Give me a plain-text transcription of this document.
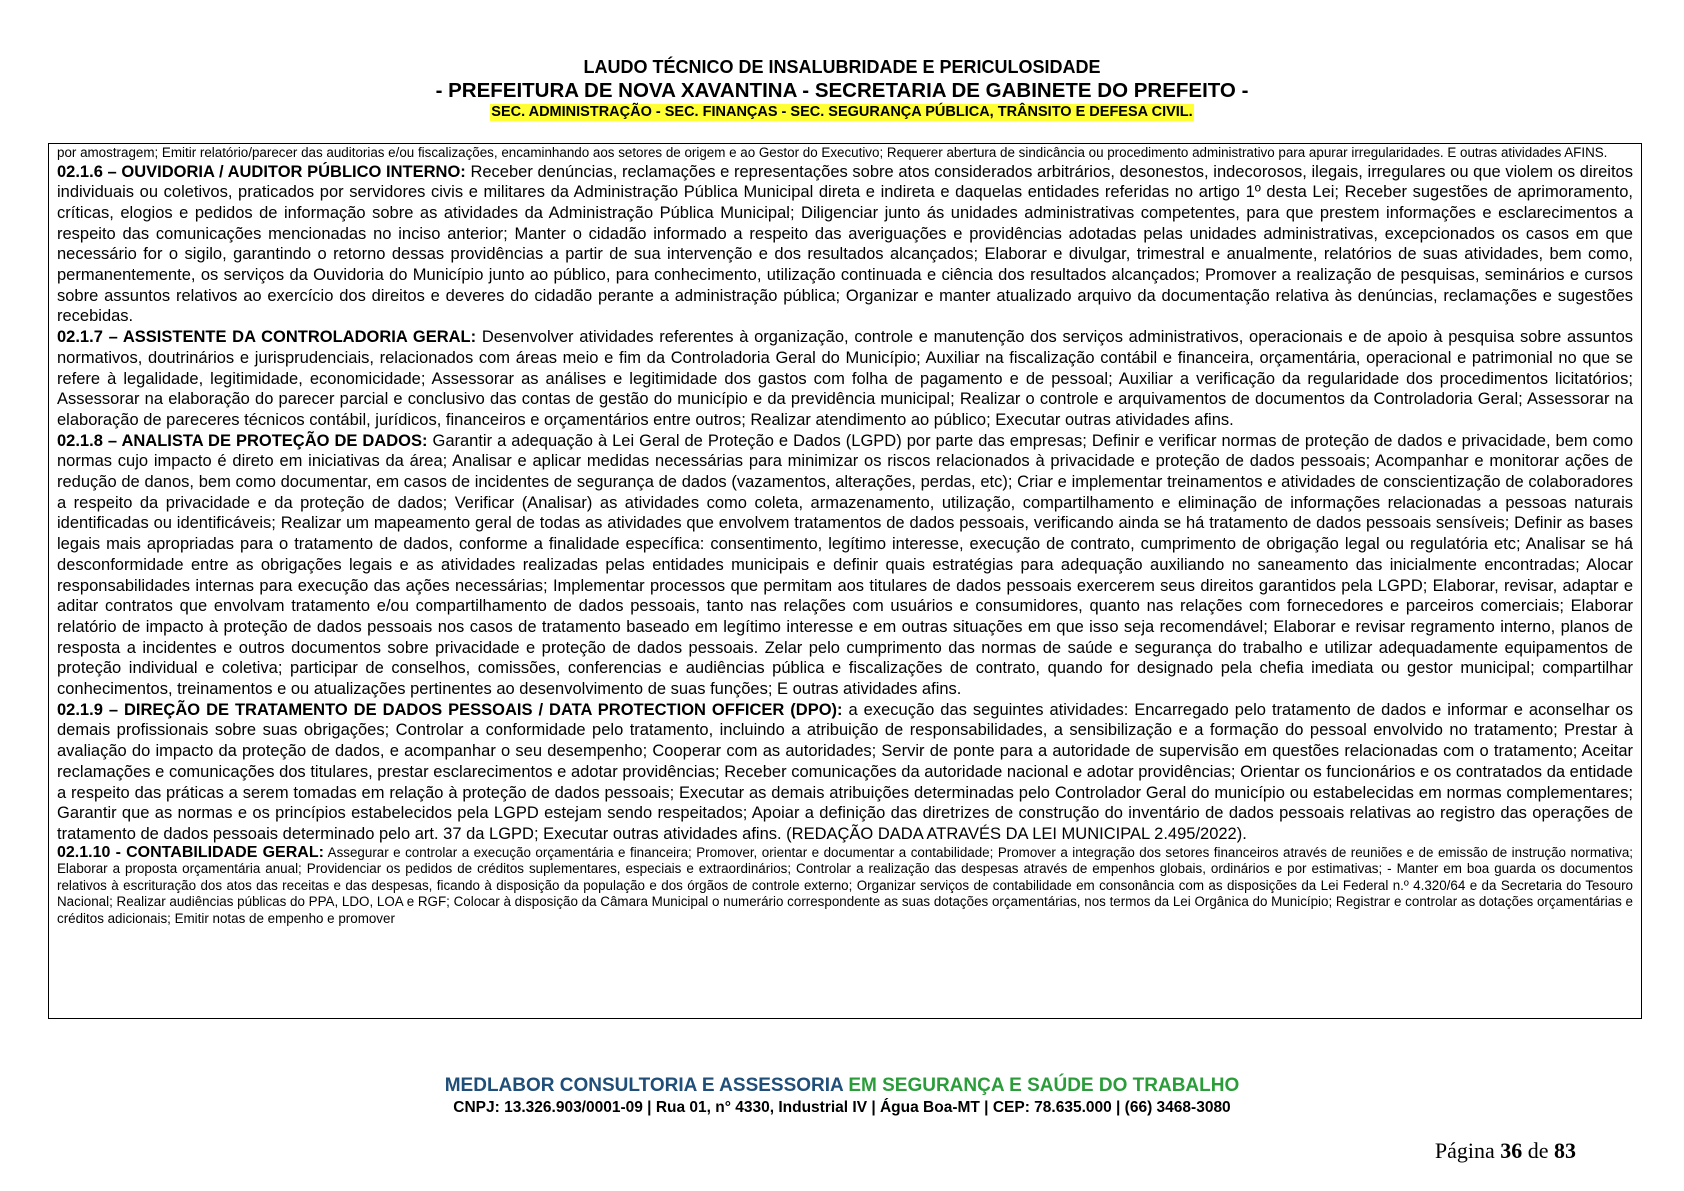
LAUDO TÉCNICO DE INSALUBRIDADE E PERICULOSIDADE
- PREFEITURA DE NOVA XAVANTINA - SECRETARIA DE GABINETE DO PREFEITO -
SEC. ADMINISTRAÇÃO - SEC. FINANÇAS - SEC. SEGURANÇA PÚBLICA, TRÂNSITO E DEFESA CIVIL.

por amostragem; Emitir relatório/parecer das auditorias e/ou fiscalizações, encaminhando aos setores de origem e ao Gestor do Executivo; Requerer abertura de sindicância ou procedimento administrativo para apurar irregularidades. E outras atividades AFINS.

02.1.6 – OUVIDORIA / AUDITOR PÚBLICO INTERNO: Receber denúncias, reclamações e representações sobre atos considerados arbitrários, desonestos, indecorosos, ilegais, irregulares ou que violem os direitos individuais ou coletivos, praticados por servidores civis e militares da Administração Pública Municipal direta e indireta e daquelas entidades referidas no artigo 1º desta Lei; Receber sugestões de aprimoramento, críticas, elogios e pedidos de informação sobre as atividades da Administração Pública Municipal; Diligenciar junto ás unidades administrativas competentes, para que prestem informações e esclarecimentos a respeito das comunicações mencionadas no inciso anterior; Manter o cidadão informado a respeito das averiguações e providências adotadas pelas unidades administrativas, excepcionados os casos em que necessário for o sigilo, garantindo o retorno dessas providências a partir de sua intervenção e dos resultados alcançados; Elaborar e divulgar, trimestral e anualmente, relatórios de suas atividades, bem como, permanentemente, os serviços da Ouvidoria do Município junto ao público, para conhecimento, utilização continuada e ciência dos resultados alcançados; Promover a realização de pesquisas, seminários e cursos sobre assuntos relativos ao exercício dos direitos e deveres do cidadão perante a administração pública; Organizar e manter atualizado arquivo da documentação relativa às denúncias, reclamações e sugestões recebidas.

02.1.7 – ASSISTENTE DA CONTROLADORIA GERAL: Desenvolver atividades referentes à organização, controle e manutenção dos serviços administrativos, operacionais e de apoio à pesquisa sobre assuntos normativos, doutrinários e jurisprudenciais, relacionados com áreas meio e fim da Controladoria Geral do Município; Auxiliar na fiscalização contábil e financeira, orçamentária, operacional e patrimonial no que se refere à legalidade, legitimidade, economicidade; Assessorar as análises e legitimidade dos gastos com folha de pagamento e de pessoal; Auxiliar a verificação da regularidade dos procedimentos licitatórios; Assessorar na elaboração do parecer parcial e conclusivo das contas de gestão do município e da previdência municipal; Realizar o controle e arquivamentos de documentos da Controladoria Geral; Assessorar na elaboração de pareceres técnicos contábil, jurídicos, financeiros e orçamentários entre outros; Realizar atendimento ao público; Executar outras atividades afins.

02.1.8 – ANALISTA DE PROTEÇÃO DE DADOS: Garantir a adequação à Lei Geral de Proteção e Dados (LGPD) por parte das empresas; Definir e verificar normas de proteção de dados e privacidade, bem como normas cujo impacto é direto em iniciativas da área; Analisar e aplicar medidas necessárias para minimizar os riscos relacionados à privacidade e proteção de dados pessoais; Acompanhar e monitorar ações de redução de danos, bem como documentar, em casos de incidentes de segurança de dados (vazamentos, alterações, perdas, etc); Criar e implementar treinamentos e atividades de conscientização de colaboradores a respeito da privacidade e da proteção de dados; Verificar (Analisar) as atividades como coleta, armazenamento, utilização, compartilhamento e eliminação de informações relacionadas a pessoas naturais identificadas ou identificáveis; Realizar um mapeamento geral de todas as atividades que envolvem tratamentos de dados pessoais, verificando ainda se há tratamento de dados pessoais sensíveis; Definir as bases legais mais apropriadas para o tratamento de dados, conforme a finalidade específica: consentimento, legítimo interesse, execução de contrato, cumprimento de obrigação legal ou regulatória etc; Analisar se há desconformidade entre as obrigações legais e as atividades realizadas pelas entidades municipais e definir quais estratégias para adequação auxiliando no saneamento das inicialmente encontradas; Alocar responsabilidades internas para execução das ações necessárias; Implementar processos que permitam aos titulares de dados pessoais exercerem seus direitos garantidos pela LGPD; Elaborar, revisar, adaptar e aditar contratos que envolvam tratamento e/ou compartilhamento de dados pessoais, tanto nas relações com usuários e consumidores, quanto nas relações com fornecedores e parceiros comerciais; Elaborar relatório de impacto à proteção de dados pessoais nos casos de tratamento baseado em legítimo interesse e em outras situações em que isso seja recomendável; Elaborar e revisar regramento interno, planos de resposta a incidentes e outros documentos sobre privacidade e proteção de dados pessoais. Zelar pelo cumprimento das normas de saúde e segurança do trabalho e utilizar adequadamente equipamentos de proteção individual e coletiva; participar de conselhos, comissões, conferencias e audiências pública e fiscalizações de contrato, quando for designado pela chefia imediata ou gestor municipal; compartilhar conhecimentos, treinamentos e ou atualizações pertinentes ao desenvolvimento de suas funções; E outras atividades afins.

02.1.9 – DIREÇÃO DE TRATAMENTO DE DADOS PESSOAIS / DATA PROTECTION OFFICER (DPO): a execução das seguintes atividades: Encarregado pelo tratamento de dados e informar e aconselhar os demais profissionais sobre suas obrigações; Controlar a conformidade pelo tratamento, incluindo a atribuição de responsabilidades, a sensibilização e a formação do pessoal envolvido no tratamento; Prestar à avaliação do impacto da proteção de dados, e acompanhar o seu desempenho; Cooperar com as autoridades; Servir de ponte para a autoridade de supervisão em questões relacionadas com o tratamento; Aceitar reclamações e comunicações dos titulares, prestar esclarecimentos e adotar providências; Receber comunicações da autoridade nacional e adotar providências; Orientar os funcionários e os contratados da entidade a respeito das práticas a serem tomadas em relação à proteção de dados pessoais; Executar as demais atribuições determinadas pelo Controlador Geral do município ou estabelecidas em normas complementares; Garantir que as normas e os princípios estabelecidos pela LGPD estejam sendo respeitados; Apoiar a definição das diretrizes de construção do inventário de dados pessoais relativas ao registro das operações de tratamento de dados pessoais determinado pelo art. 37 da LGPD; Executar outras atividades afins. (REDAÇÃO DADA ATRAVÉS DA LEI MUNICIPAL 2.495/2022).

02.1.10 - CONTABILIDADE GERAL: Assegurar e controlar a execução orçamentária e financeira; Promover, orientar e documentar a contabilidade; Promover a integração dos setores financeiros através de reuniões e de emissão de instrução normativa; Elaborar a proposta orçamentária anual; Providenciar os pedidos de créditos suplementares, especiais e extraordinários; Controlar a realização das despesas através de empenhos globais, ordinários e por estimativas; - Manter em boa guarda os documentos relativos à escrituração dos atos das receitas e das despesas, ficando à disposição da população e dos órgãos de controle externo; Organizar serviços de contabilidade em consonância com as disposições da Lei Federal n.º 4.320/64 e da Secretaria do Tesouro Nacional; Realizar audiências públicas do PPA, LDO, LOA e RGF; Colocar à disposição da Câmara Municipal o numerário correspondente as suas dotações orçamentárias, nos termos da Lei Orgânica do Município; Registrar e controlar as dotações orçamentárias e créditos adicionais; Emitir notas de empenho e promover

MEDLABOR CONSULTORIA E ASSESSORIA EM SEGURANÇA E SAÚDE DO TRABALHO
CNPJ: 13.326.903/0001-09 | Rua 01, n° 4330, Industrial IV | Água Boa-MT | CEP: 78.635.000 | (66) 3468-3080
Página 36 de 83
